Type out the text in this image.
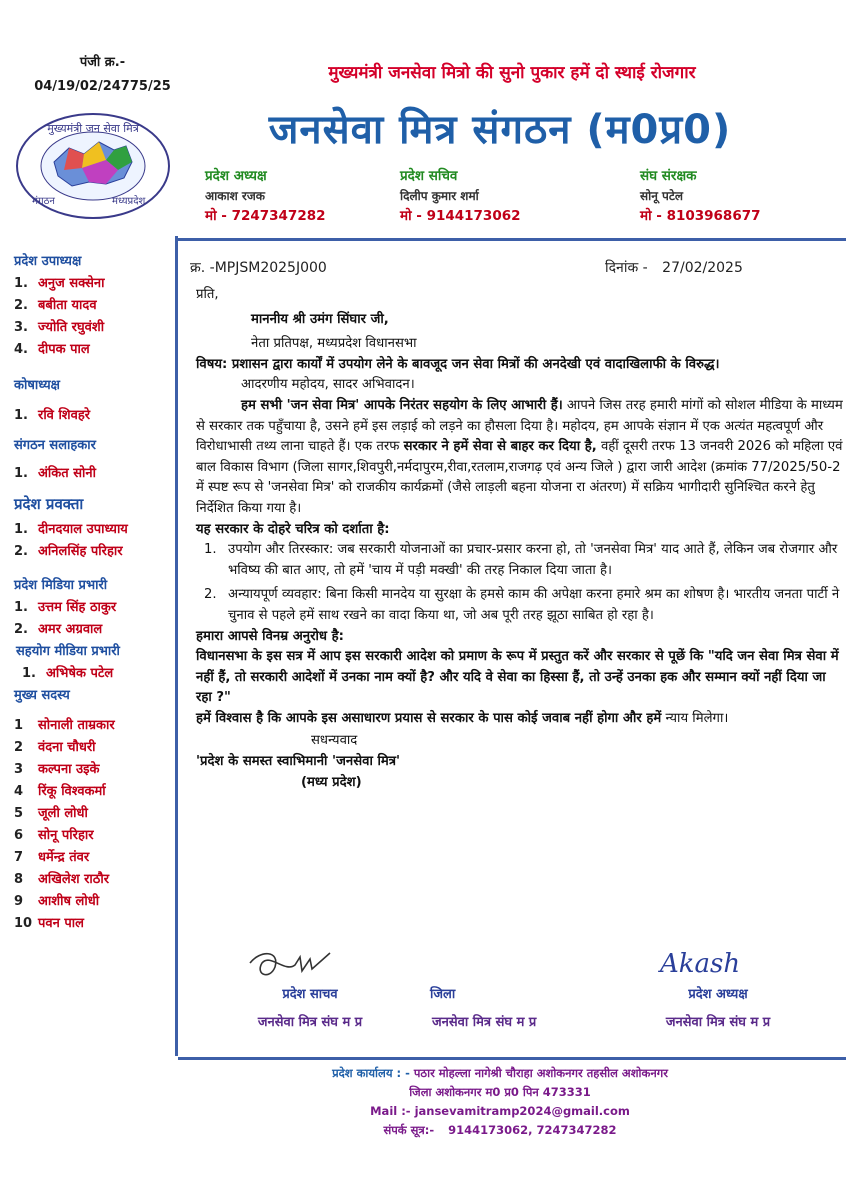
पंजी क्र.-
04/19/02/24775/25
मुख्यमंत्री जन सेवा मित्र
मंगठन	मध्यप्रदेश
मुख्यमंत्री जनसेवा मित्रो की सुनो पुकार हमें दो स्थाई रोजगार
जनसेवा मित्र संगठन (म0प्र0)
प्रदेश अध्यक्ष
आकाश रजक
मो - 7247347282
प्रदेश सचिव
दिलीप कुमार शर्मा
मो - 9144173062
संघ संरक्षक
सोनू पटेल
मो - 8103968677
प्रदेश उपाध्यक्ष
1. अनुज सक्सेना
2. बबीता यादव
3. ज्योति रघुवंशी
4. दीपक पाल
कोषाध्यक्ष
1. रवि शिवहरे
संगठन सलाहकार
1. अंकित सोनी
प्रदेश प्रवक्ता
1. दीनदयाल उपाध्याय
2. अनिलसिंह परिहार
प्रदेश मिडिया प्रभारी
1. उत्तम सिंह ठाकुर
2. अमर अग्रवाल
सहयोग मीडिया प्रभारी
1. अभिषेक पटेल
मुख्य सदस्य
1	सोनाली ताम्रकार
2	वंदना चौधरी
3	कल्पना उइके
4	रिंकू विश्वकर्मा
5	जूली लोधी
6	सोनू परिहार
7	धर्मेन्द्र तंवर
8	अखिलेश राठौर
9	आशीष लोधी
10 पवन पाल
क्र. -MPJSM2025J000	दिनांक - 27/02/2025

प्रति,

माननीय श्री उमंग सिंघार जी,

नेता प्रतिपक्ष, मध्यप्रदेश विधानसभा

विषय: प्रशासन द्वारा कार्यों में उपयोग लेने के बावजूद जन सेवा मित्रों की अनदेखी एवं वादाखिलाफी के विरुद्ध।

आदरणीय महोदय, सादर अभिवादन।

हम सभी 'जन सेवा मित्र' आपके निरंतर सहयोग के लिए आभारी हैं। आपने जिस तरह हमारी मांगों को सोशल मीडिया के माध्यम से सरकार तक पहुँचाया है, उसने हमें इस लड़ाई को लड़ने का हौसला दिया है। महोदय, हम आपके संज्ञान में एक अत्यंत महत्वपूर्ण और विरोधाभासी तथ्य लाना चाहते हैं। एक तरफ सरकार ने हमें सेवा से बाहर कर दिया है, वहीं दूसरी तरफ 13 जनवरी 2026 को महिला एवं बाल विकास विभाग (जिला सागर,शिवपुरी,नर्मदापुरम,रीवा,रतलाम,राजगढ़ एवं अन्य जिले ) द्वारा जारी आदेश (क्रमांक 77/2025/50-2 में स्पष्ट रूप से 'जनसेवा मित्र' को राजकीय कार्यक्रमों (जैसे लाड़ली बहना योजना रा अंतरण) में सक्रिय भागीदारी सुनिश्चित करने हेतु निर्देशित किया गया है।

यह सरकार के दोहरे चरित्र को दर्शाता है:

1. उपयोग और तिरस्कार: जब सरकारी योजनाओं का प्रचार-प्रसार करना हो, तो 'जनसेवा मित्र' याद आते हैं, लेकिन जब रोजगार और भविष्य की बात आए, तो हमें 'चाय में पड़ी मक्खी' की तरह निकाल दिया जाता है।
2. अन्यायपूर्ण व्यवहार: बिना किसी मानदेय या सुरक्षा के हमसे काम की अपेक्षा करना हमारे श्रम का शोषण है। भारतीय जनता पार्टी ने चुनाव से पहले हमें साथ रखने का वादा किया था, जो अब पूरी तरह झूठा साबित हो रहा है।

हमारा आपसे विनम्र अनुरोध है:

विधानसभा के इस सत्र में आप इस सरकारी आदेश को प्रमाण के रूप में प्रस्तुत करें और सरकार से पूछें कि "यदि जन सेवा मित्र सेवा में नहीं हैं, तो सरकारी आदेशों में उनका नाम क्यों है? और यदि वे सेवा का हिस्सा हैं, तो उन्हें उनका हक और सम्मान क्यों नहीं दिया जा रहा ?"

हमें विश्वास है कि आपके इस असाधारण प्रयास से सरकार के पास कोई जवाब नहीं होगा और हमें न्याय मिलेगा।

सधन्यवाद

'प्रदेश के समस्त स्वाभिमानी 'जनसेवा मित्र'

(मध्य प्रदेश)

Akash
प्रदेश साचव
जनसेवा मित्र संघ म प्र
जिला
जनसेवा मित्र संघ म प्र
प्रदेश अध्यक्ष
जनसेवा मित्र संघ म प्र
प्रदेश कार्यालय : - पठार मोहल्ला नागेश्री चौराहा अशोकनगर तहसील अशोकनगर
जिला अशोकनगर म0 प्र0 पिन 473331
Mail :- jansevamitramp2024@gmail.com
संपर्क सूत्र:- 9144173062, 7247347282
